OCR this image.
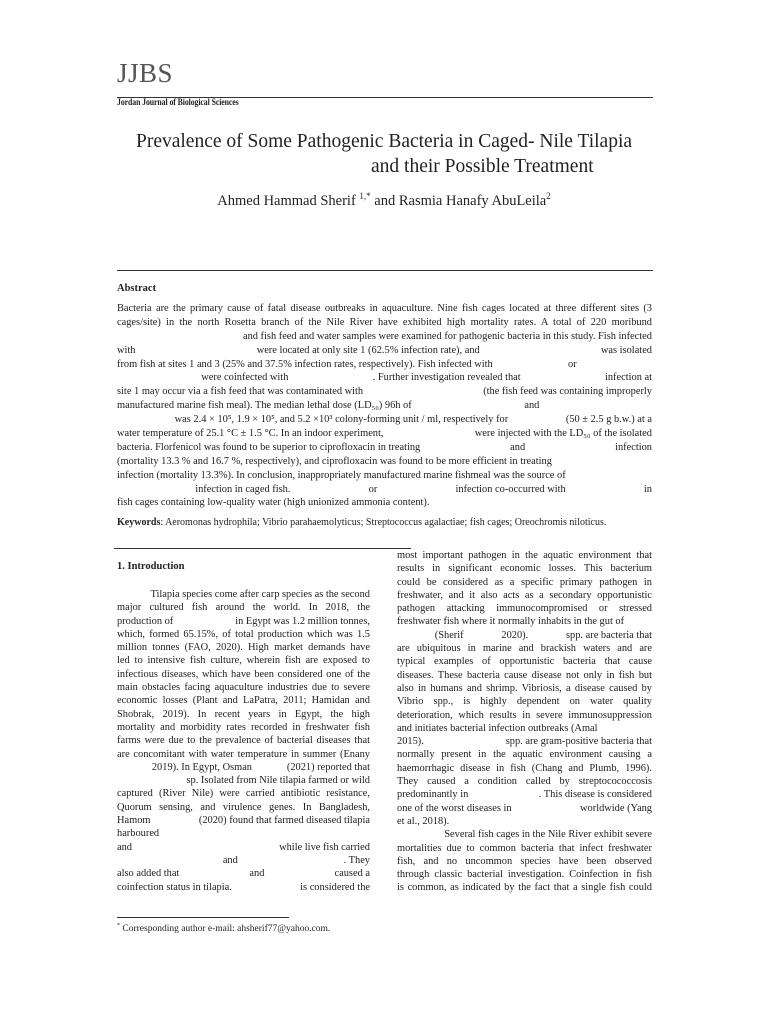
JJBS
Jordan Journal of Biological Sciences
Prevalence of Some Pathogenic Bacteria in Caged- Nile Tilapia
and their Possible Treatment
Ahmed Hammad Sherif $^{1,*}$ and Rasmia Hanafy AbuLeila$^2$
Abstract
Bacteria are the primary cause of fatal disease outbreaks in aquaculture. Nine fish cages located at three different sites (3
cages/site) in the north Rosetta branch of the Nile River have exhibited high mortality rates. A total of 220 moribund
and fish feed and water samples were examined for pathogenic bacteria in this study. Fish infected
with	were located at only site 1 (62.5% infection rate), and	was isolated
from fish at sites 1 and 3 (25% and 37.5% infection rates, respectively). Fish infected with	or
were coinfected with	. Further investigation revealed that	infection at
site 1 may occur via a fish feed that was contaminated with	(the fish feed was containing improperly
manufactured marine fish meal). The median lethal dose (LD₅₀) 96h of	and
was 2.4 × 10⁵, 1.9 × 10⁵, and 5.2 ×10³ colony-forming unit / ml, respectively for	(50 ± 2.5 g b.w.) at a
water temperature of 25.1 °C ± 1.5 °C. In an indoor experiment,	were injected with the LD₅₀ of the isolated
bacteria. Florfenicol was found to be superior to ciprofloxacin in treating	and	infection
(mortality 13.3 % and 16.7 %, respectively), and ciprofloxacin was found to be more efficient in treating
infection (mortality 13.3%). In conclusion, inappropriately manufactured marine fishmeal was the source of
infection in caged fish.	or	infection co-occurred with	in
fish cages containing low-quality water (high unionized ammonia content).
Keywords: Aeromonas hydrophila; Vibrio parahaemolyticus; Streptococcus agalactiae; fish cages; Oreochromis niloticus.
1. Introduction
Tilapia species come after carp species as the second
major cultured fish around the world. In 2018, the
production of	in Egypt was 1.2 million tonnes,
which, formed 65.15%, of total production which was 1.5
million tonnes (FAO, 2020). High market demands have
led to intensive fish culture, wherein fish are exposed to
infectious diseases, which have been considered one of the
main obstacles facing aquaculture industries due to severe
economic losses (Plant and LaPatra, 2011; Hamidan and
Shobrak, 2019). In recent years in Egypt, the high
mortality and morbidity rates recorded in freshwater fish
farms were due to the prevalence of bacterial diseases that
are concomitant with water temperature in summer (Enany
2019). In Egypt, Osman	(2021) reported that
sp. Isolated from Nile tilapia farmed or wild
captured (River Nile) were carried antibiotic resistance,
Quorum sensing, and virulence genes. In Bangladesh,
Hamom	(2020) found that farmed diseased tilapia
harboured
and	while live fish carried
and	. They
also added that	and	caused a
coinfection status in tilapia.	is considered the
most important pathogen in the aquatic environment that
results in significant economic losses. This bacterium
could be considered as a specific primary pathogen in
freshwater, and it also acts as a secondary opportunistic
pathogen attacking immunocompromised or stressed
freshwater fish where it normally inhabits in the gut of
(Sherif	2020).	spp. are bacteria that
are ubiquitous in marine and brackish waters and are
typical examples of opportunistic bacteria that cause
diseases. These bacteria cause disease not only in fish but
also in humans and shrimp. Vibriosis, a disease caused by
Vibrio spp., is highly dependent on water quality
deterioration, which results in severe immunosuppression
and initiates bacterial infection outbreaks (Amal
2015).	spp. are gram-positive bacteria that
normally present in the aquatic environment causing a
haemorrhagic disease in fish (Chang and Plumb, 1996).
They caused a condition called by streptocococcosis
predominantly in	. This disease is considered
one of the worst diseases in	worldwide (Yang
et al., 2018).
Several fish cages in the Nile River exhibit severe
mortalities due to common bacteria that infect freshwater
fish, and no uncommon species have been observed
through classic bacterial investigation. Coinfection in fish
is common, as indicated by the fact that a single fish could
* Corresponding author e-mail: ahsherif77@yahoo.com.
